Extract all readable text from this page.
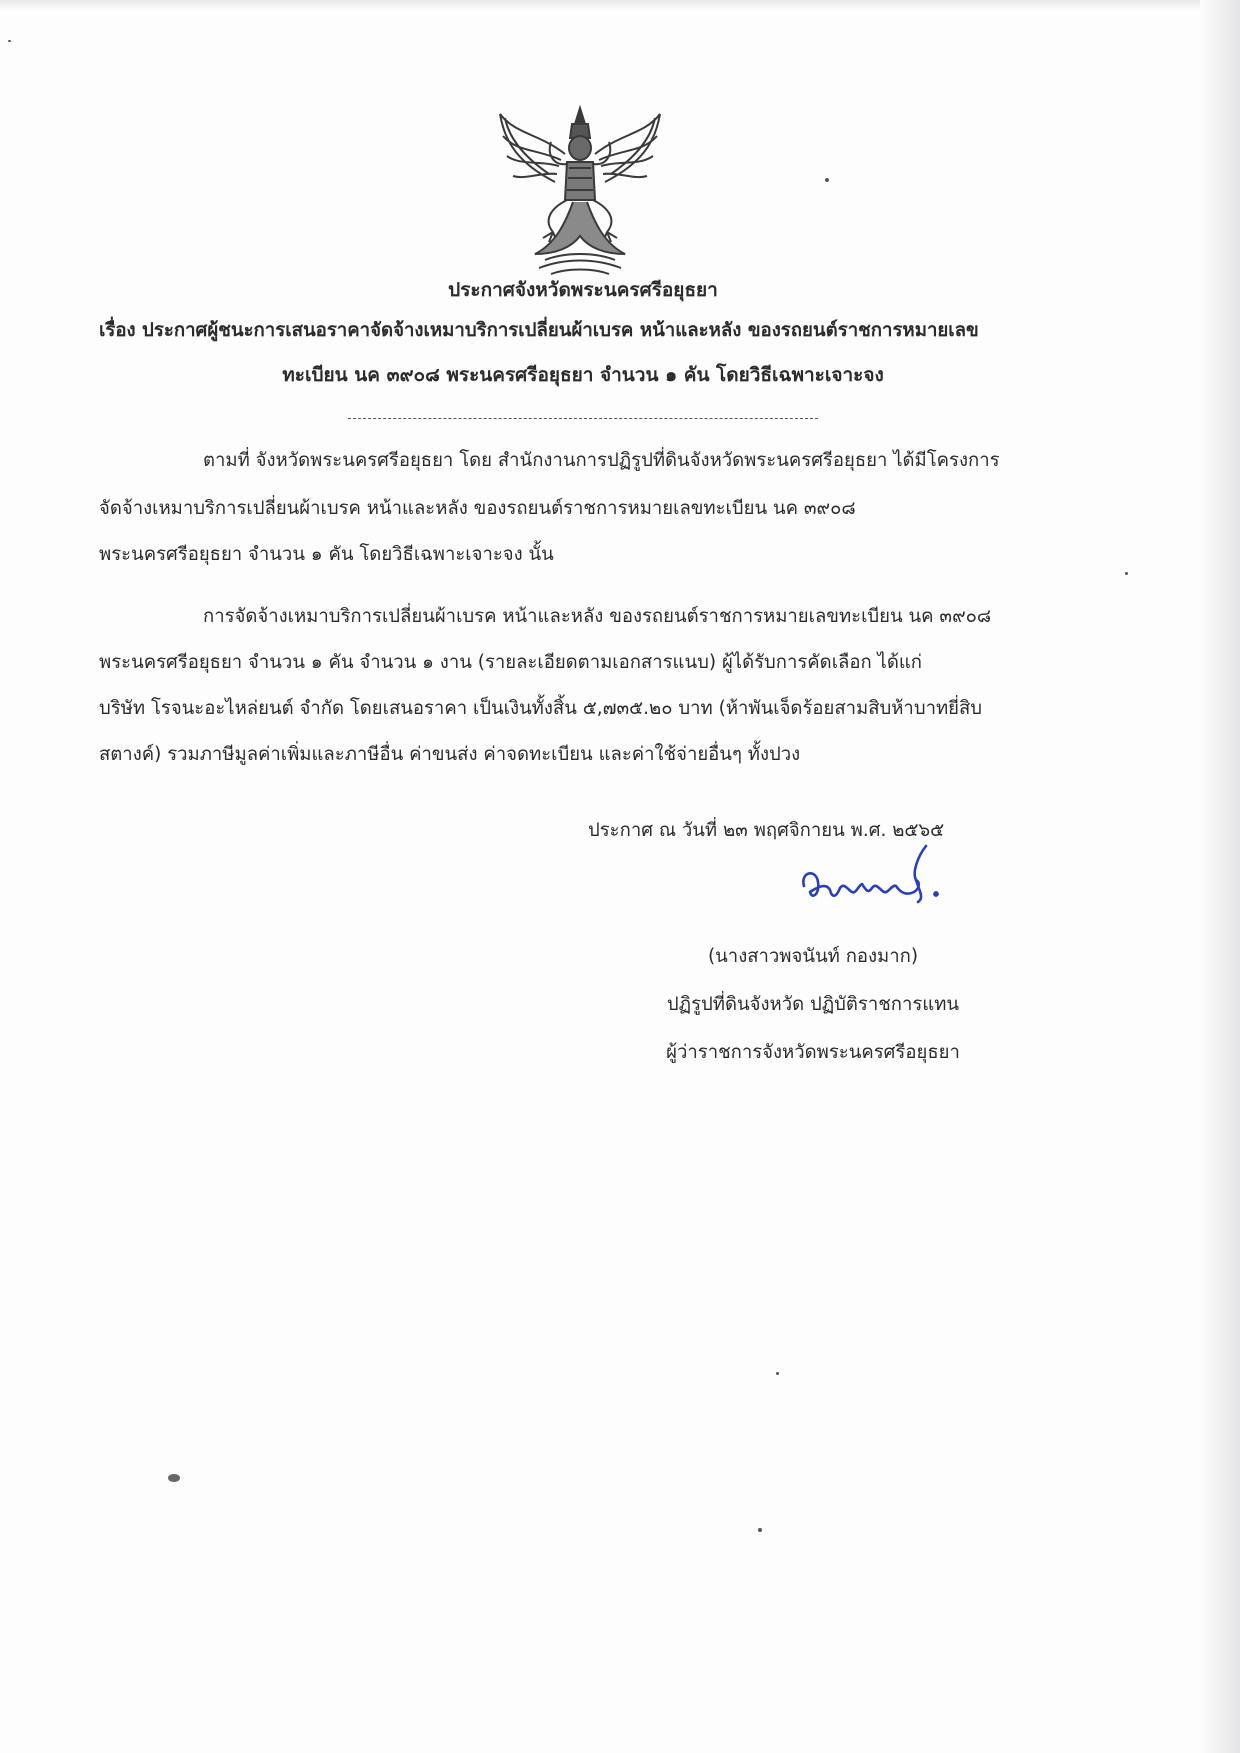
ประกาศจังหวัดพระนครศรีอยุธยา
เรื่อง ประกาศผู้ชนะการเสนอราคาจัดจ้างเหมาบริการเปลี่ยนผ้าเบรค หน้าและหลัง ของรถยนต์ราชการหมายเลข
ทะเบียน นค ๓๙๐๘ พระนครศรีอยุธยา จำนวน ๑ คัน โดยวิธีเฉพาะเจาะจง
ตามที่ จังหวัดพระนครศรีอยุธยา โดย สำนักงานการปฏิรูปที่ดินจังหวัดพระนครศรีอยุธยา ได้มีโครงการ
จัดจ้างเหมาบริการเปลี่ยนผ้าเบรค หน้าและหลัง ของรถยนต์ราชการหมายเลขทะเบียน นค ๓๙๐๘
พระนครศรีอยุธยา จำนวน ๑ คัน โดยวิธีเฉพาะเจาะจง นั้น
การจัดจ้างเหมาบริการเปลี่ยนผ้าเบรค หน้าและหลัง ของรถยนต์ราชการหมายเลขทะเบียน นค ๓๙๐๘
พระนครศรีอยุธยา จำนวน ๑ คัน จำนวน ๑ งาน (รายละเอียดตามเอกสารแนบ) ผู้ได้รับการคัดเลือก ได้แก่
บริษัท โรจนะอะไหล่ยนต์ จำกัด โดยเสนอราคา เป็นเงินทั้งสิ้น ๕,๗๓๕.๒๐ บาท (ห้าพันเจ็ดร้อยสามสิบห้าบาทยี่สิบ
สตางค์) รวมภาษีมูลค่าเพิ่มและภาษีอื่น ค่าขนส่ง ค่าจดทะเบียน และค่าใช้จ่ายอื่นๆ ทั้งปวง
ประกาศ ณ วันที่ ๒๓ พฤศจิกายน พ.ศ. ๒๕๖๕
(นางสาวพจนันท์ กองมาก)
ปฏิรูปที่ดินจังหวัด ปฏิบัติราชการแทน
ผู้ว่าราชการจังหวัดพระนครศรีอยุธยา
